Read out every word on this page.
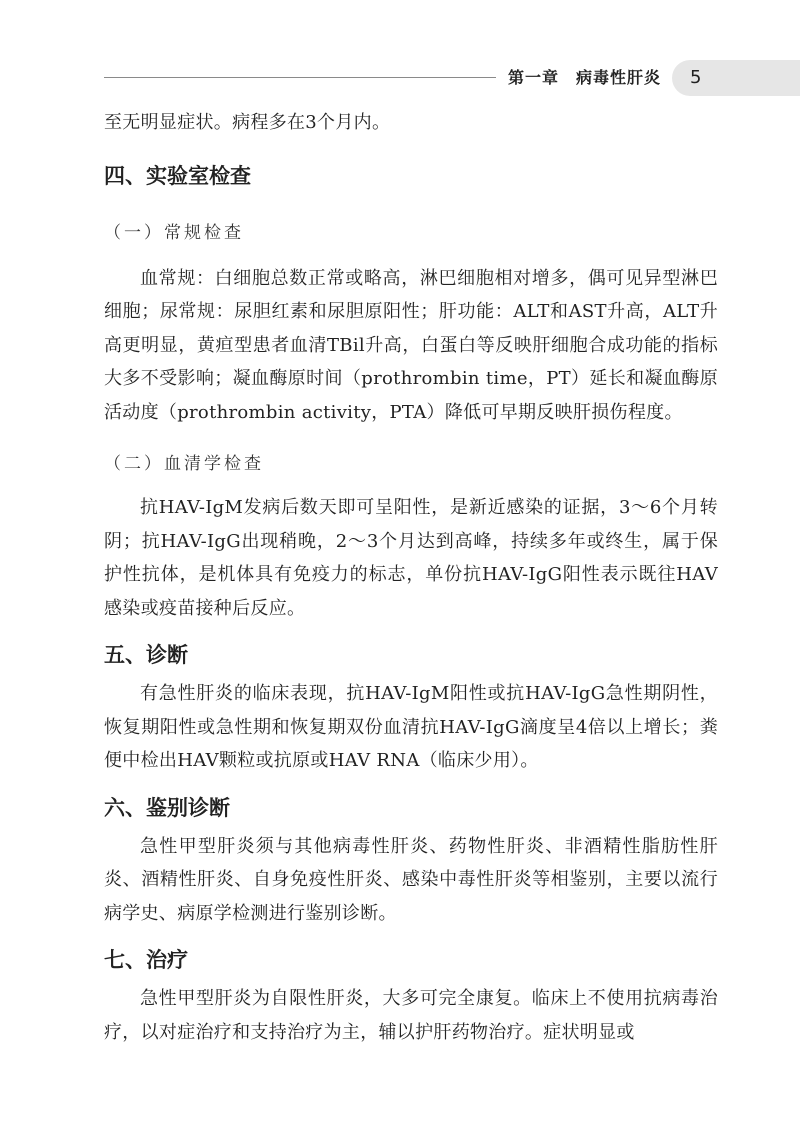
第一章　病毒性肝炎 5

至无明显症状。病程多在3个月内。

四、实验室检查

（一）常规检查

血常规：白细胞总数正常或略高，淋巴细胞相对增多，偶可见异型淋巴细胞；尿常规：尿胆红素和尿胆原阳性；肝功能：ALT和AST升高，ALT升高更明显，黄疸型患者血清TBil升高，白蛋白等反映肝细胞合成功能的指标大多不受影响；凝血酶原时间（prothrombin time，PT）延长和凝血酶原活动度（prothrombin activity，PTA）降低可早期反映肝损伤程度。

（二）血清学检查

抗HAV-IgM发病后数天即可呈阳性，是新近感染的证据，3～6个月转阴；抗HAV-IgG出现稍晚，2～3个月达到高峰，持续多年或终生，属于保护性抗体，是机体具有免疫力的标志，单份抗HAV-IgG阳性表示既往HAV感染或疫苗接种后反应。

五、诊断

有急性肝炎的临床表现，抗HAV-IgM阳性或抗HAV-IgG急性期阴性，恢复期阳性或急性期和恢复期双份血清抗HAV-IgG滴度呈4倍以上增长；粪便中检出HAV颗粒或抗原或HAV RNA（临床少用）。

六、鉴别诊断

急性甲型肝炎须与其他病毒性肝炎、药物性肝炎、非酒精性脂肪性肝炎、酒精性肝炎、自身免疫性肝炎、感染中毒性肝炎等相鉴别，主要以流行病学史、病原学检测进行鉴别诊断。

七、治疗

急性甲型肝炎为自限性肝炎，大多可完全康复。临床上不使用抗病毒治疗，以对症治疗和支持治疗为主，辅以护肝药物治疗。症状明显或
